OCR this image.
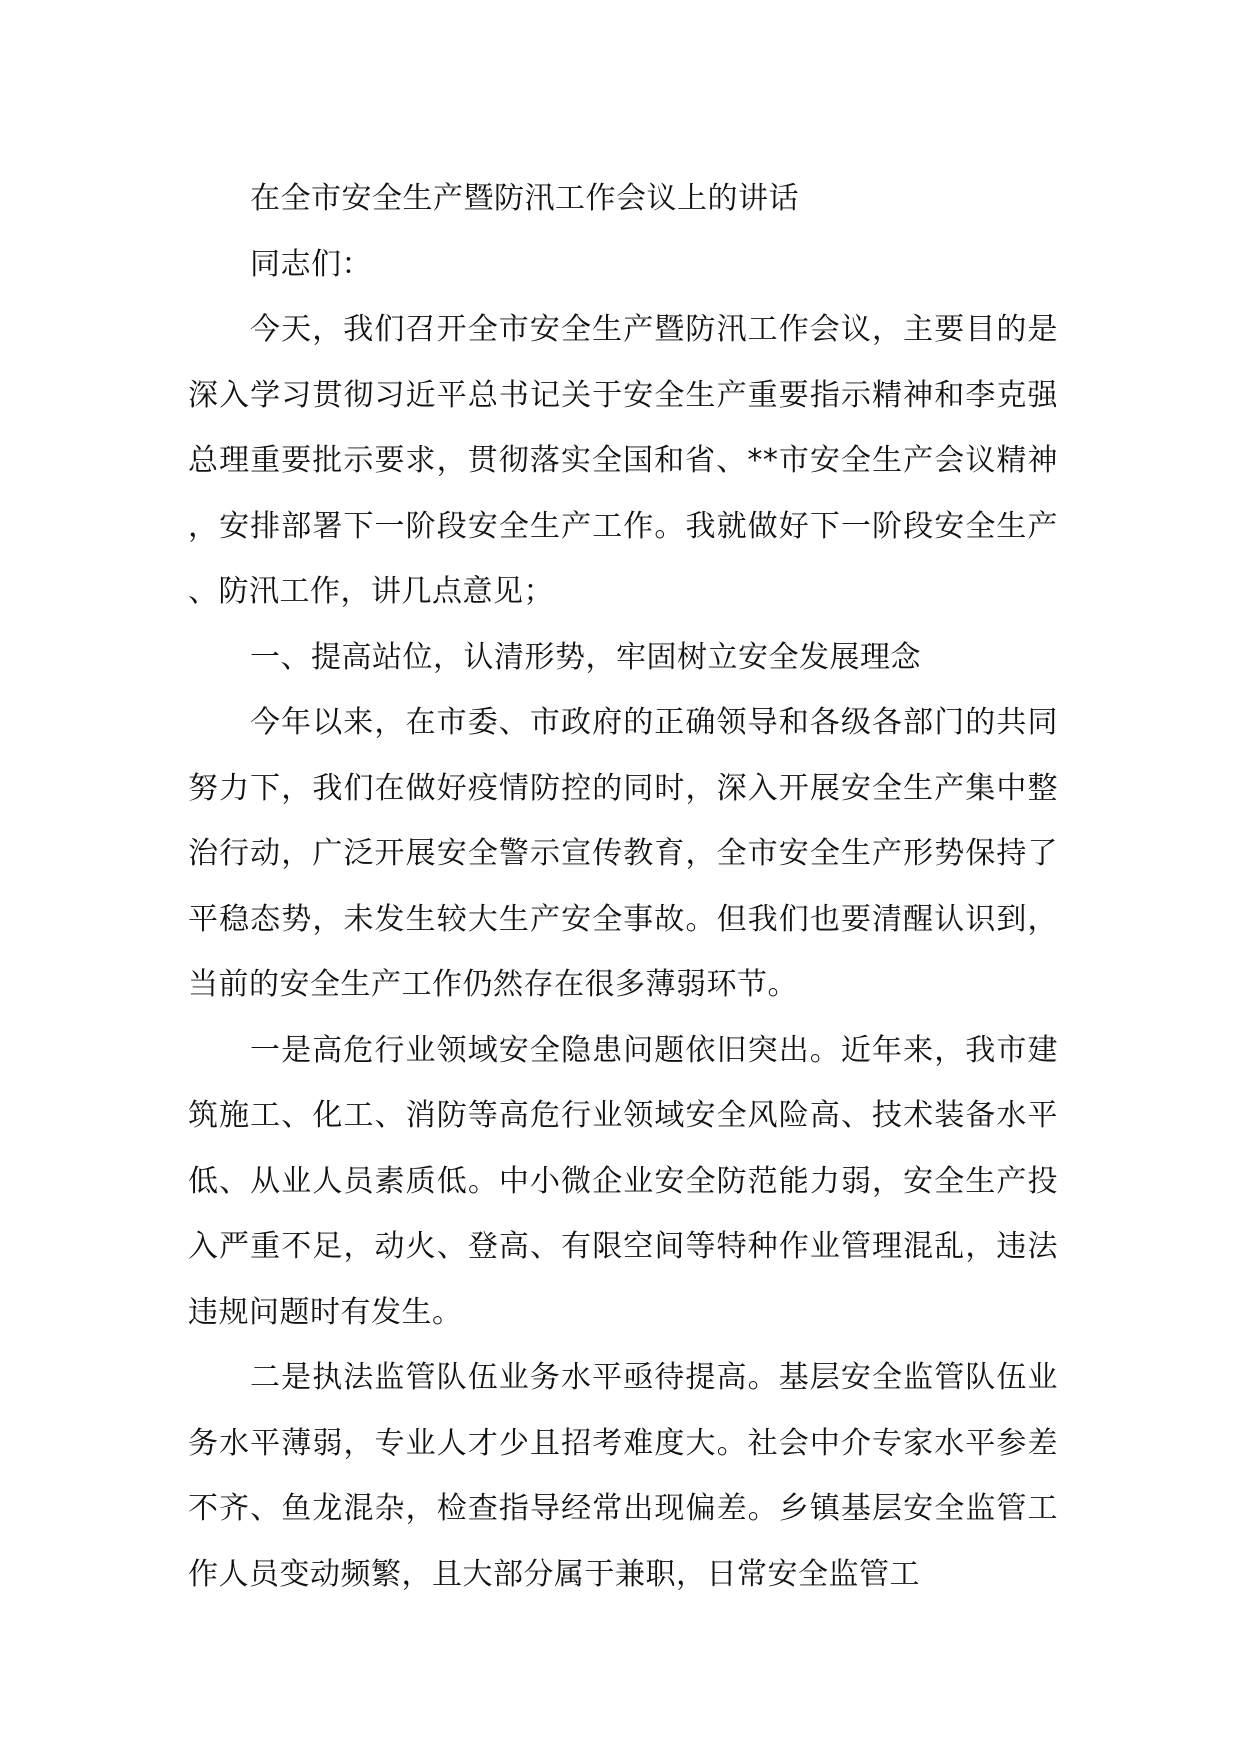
在全市安全生产暨防汛工作会议上的讲话

同志们：

今天，我们召开全市安全生产暨防汛工作会议，主要目的是深入学习贯彻习近平总书记关于安全生产重要指示精神和李克强总理重要批示要求，贯彻落实全国和省、**市安全生产会议精神，安排部署下一阶段安全生产工作。我就做好下一阶段安全生产、防汛工作，讲几点意见；

一、提高站位，认清形势，牢固树立安全发展理念

今年以来，在市委、市政府的正确领导和各级各部门的共同努力下，我们在做好疫情防控的同时，深入开展安全生产集中整治行动，广泛开展安全警示宣传教育，全市安全生产形势保持了平稳态势，未发生较大生产安全事故。但我们也要清醒认识到，当前的安全生产工作仍然存在很多薄弱环节。

一是高危行业领域安全隐患问题依旧突出。近年来，我市建筑施工、化工、消防等高危行业领域安全风险高、技术装备水平低、从业人员素质低。中小微企业安全防范能力弱，安全生产投入严重不足，动火、登高、有限空间等特种作业管理混乱，违法违规问题时有发生。

二是执法监管队伍业务水平亟待提高。基层安全监管队伍业务水平薄弱，专业人才少且招考难度大。社会中介专家水平参差不齐、鱼龙混杂，检查指导经常出现偏差。乡镇基层安全监管工作人员变动频繁，且大部分属于兼职，日常安全监管工
